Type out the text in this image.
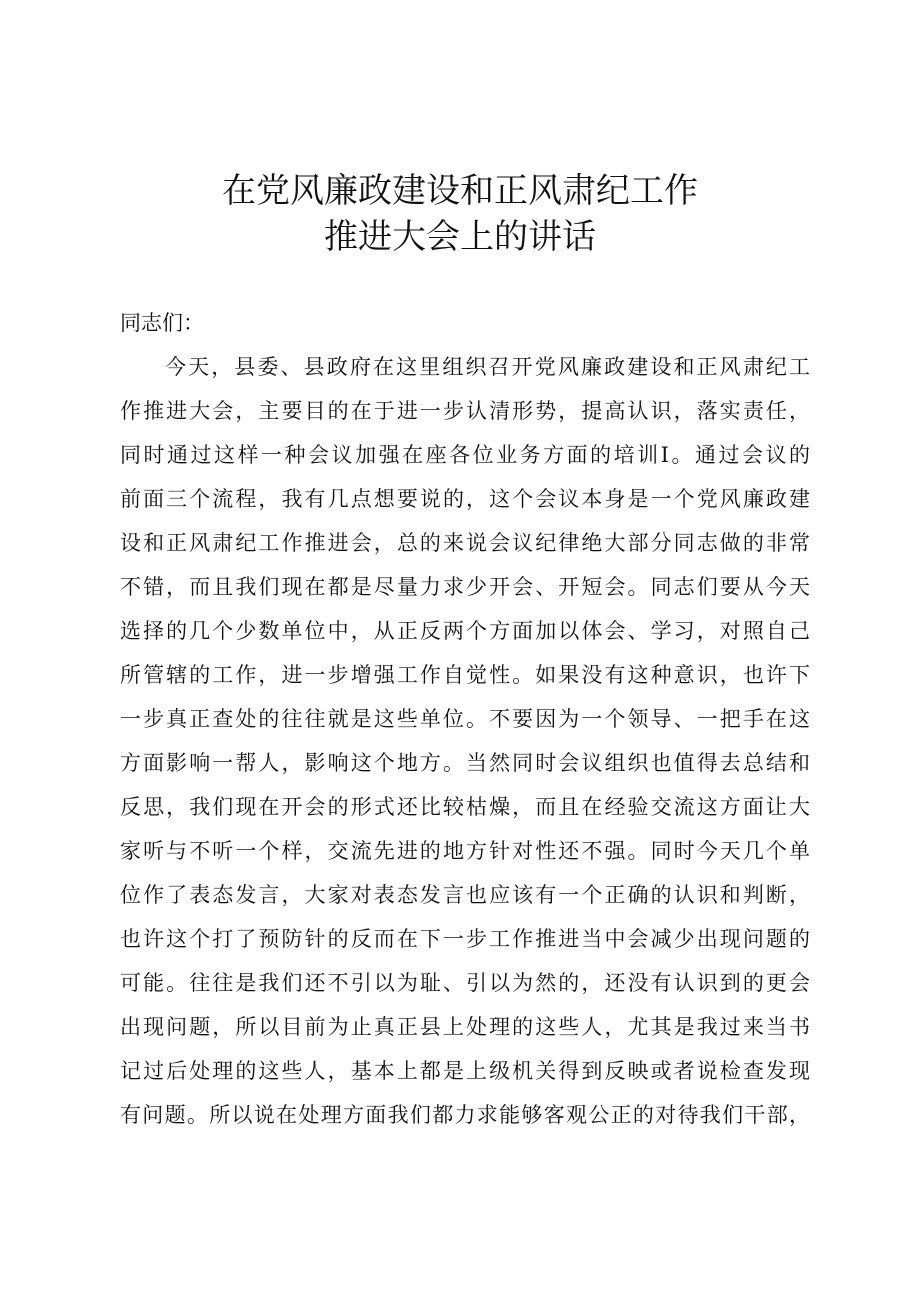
在党风廉政建设和正风肃纪工作
推进大会上的讲话
同志们：
今天，县委、县政府在这里组织召开党风廉政建设和正风肃纪工
作推进大会，主要目的在于进一步认清形势，提高认识，落实责任，
同时通过这样一种会议加强在座各位业务方面的培训I。通过会议的
前面三个流程，我有几点想要说的，这个会议本身是一个党风廉政建
设和正风肃纪工作推进会，总的来说会议纪律绝大部分同志做的非常
不错，而且我们现在都是尽量力求少开会、开短会。同志们要从今天
选择的几个少数单位中，从正反两个方面加以体会、学习，对照自己
所管辖的工作，进一步增强工作自觉性。如果没有这种意识，也许下
一步真正查处的往往就是这些单位。不要因为一个领导、一把手在这
方面影响一帮人，影响这个地方。当然同时会议组织也值得去总结和
反思，我们现在开会的形式还比较枯燥，而且在经验交流这方面让大
家听与不听一个样，交流先进的地方针对性还不强。同时今天几个单
位作了表态发言，大家对表态发言也应该有一个正确的认识和判断，
也许这个打了预防针的反而在下一步工作推进当中会减少出现问题的
可能。往往是我们还不引以为耻、引以为然的，还没有认识到的更会
出现问题，所以目前为止真正县上处理的这些人，尤其是我过来当书
记过后处理的这些人，基本上都是上级机关得到反映或者说检查发现
有问题。所以说在处理方面我们都力求能够客观公正的对待我们干部，
